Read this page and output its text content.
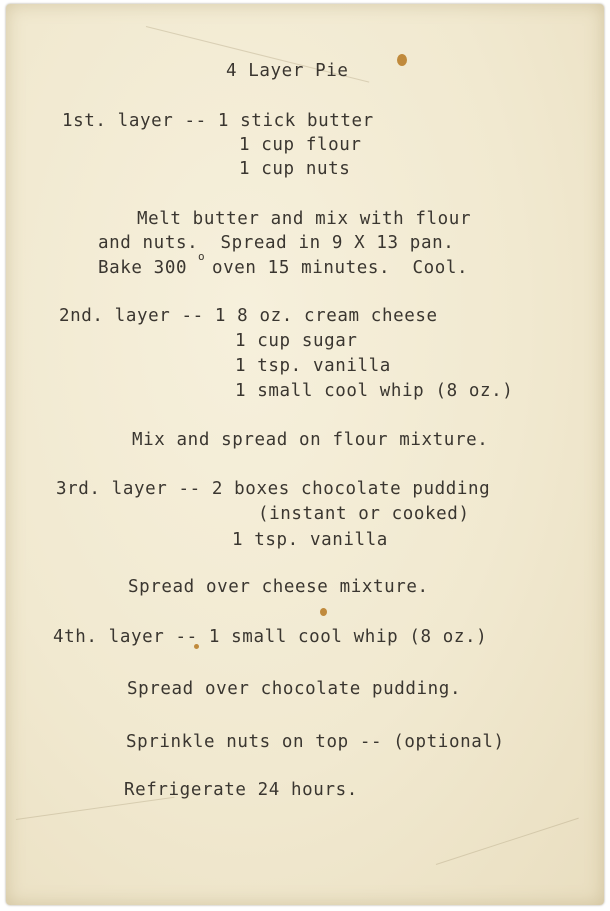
4 Layer Pie

1st. layer -- 1 stick butter

1 cup flour

1 cup nuts

Melt butter and mix with flour

and nuts.  Spread in 9 X 13 pan.

Bake 300

o

oven 15 minutes.  Cool.

2nd. layer -- 1 8 oz. cream cheese

1 cup sugar

1 tsp. vanilla

1 small cool whip (8 oz.)

Mix and spread on flour mixture.

3rd. layer -- 2 boxes chocolate pudding

(instant or cooked)

1 tsp. vanilla

Spread over cheese mixture.

4th. layer -- 1 small cool whip (8 oz.)

Spread over chocolate pudding.

Sprinkle nuts on top -- (optional)

Refrigerate 24 hours.
